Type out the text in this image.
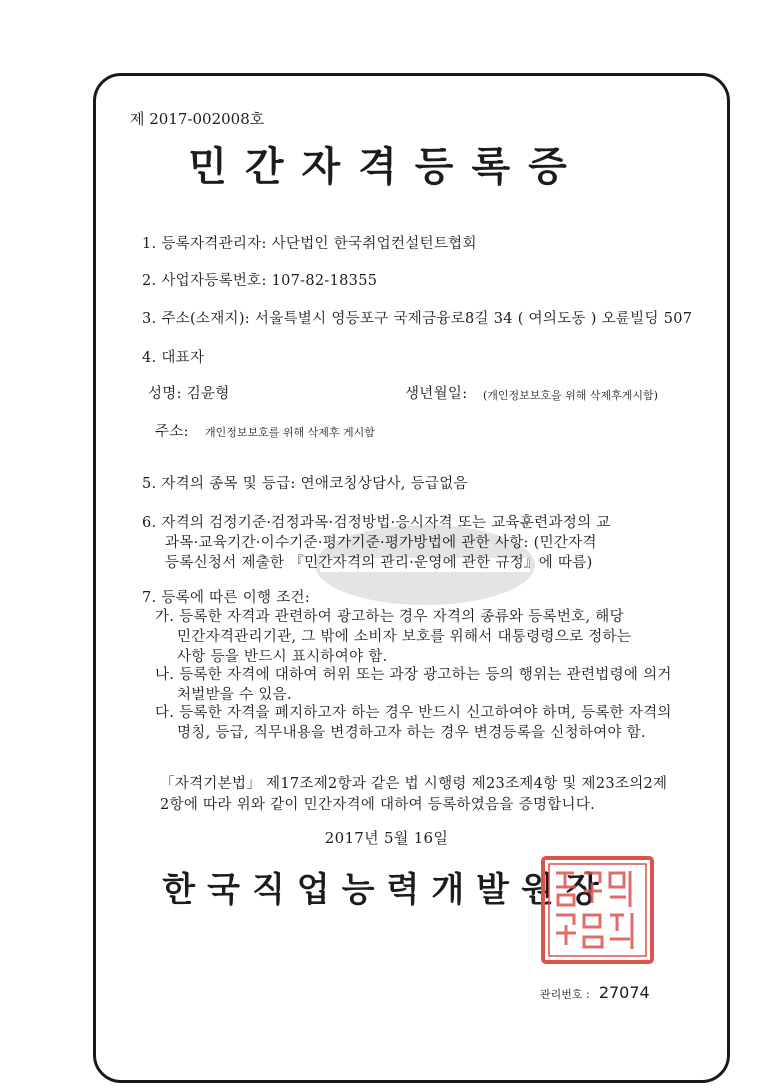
제 2017-002008호
민간자격등록증
1. 등록자격관리자: 사단법인 한국취업컨설턴트협회
2. 사업자등록번호: 107-82-18355
3. 주소(소재지): 서울특별시 영등포구 국제금융로8길 34 ( 여의도동 ) 오륜빌딩 507
4. 대표자
성명: 김윤형	생년월일: (개인정보보호을 위해 삭제후게시함)
주소: 개인정보보호를 위해 삭제후 게시함
5. 자격의 종목 및 등급: 연애코칭상담사, 등급없음
6. 자격의 검정기준·검정과목·검정방법·응시자격 또는 교육훈련과정의 교
과목·교육기간·이수기준·평가기준·평가방법에 관한 사항: (민간자격
등록신청서 제출한 『민간자격의 관리·운영에 관한 규정』에 따름)
7. 등록에 따른 이행 조건:
가. 등록한 자격과 관련하여 광고하는 경우 자격의 종류와 등록번호, 해당
민간자격관리기관, 그 밖에 소비자 보호를 위해서 대통령령으로 정하는
사항 등을 반드시 표시하여야 함.
나. 등록한 자격에 대하여 허위 또는 과장 광고하는 등의 행위는 관련법령에 의거
처벌받을 수 있음.
다. 등록한 자격을 폐지하고자 하는 경우 반드시 신고하여야 하며, 등록한 자격의
명칭, 등급, 직무내용을 변경하고자 하는 경우 변경등록을 신청하여야 함.
「자격기본법」 제17조제2항과 같은 법 시행령 제23조제4항 및 제23조의2제
2항에 따라 위와 같이 민간자격에 대하여 등록하였음을 증명합니다.
2017년 5월 16일
한국직업능력개발원장
관리번호 : 27074
